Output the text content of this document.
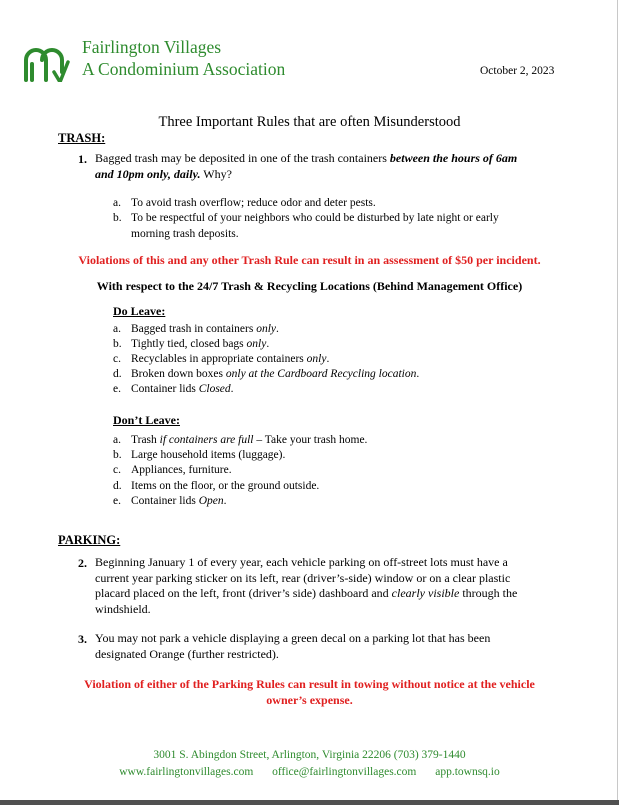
Fairlington Villages
A Condominium Association	October 2, 2023
Three Important Rules that are often Misunderstood
TRASH:
1. Bagged trash may be deposited in one of the trash containers between the hours of 6am
and 10pm only, daily. Why?
a. To avoid trash overflow; reduce odor and deter pests.
b. To be respectful of your neighbors who could be disturbed by late night or early
morning trash deposits.
Violations of this and any other Trash Rule can result in an assessment of $50 per incident.
With respect to the 24/7 Trash & Recycling Locations (Behind Management Office)
Do Leave:
a. Bagged trash in containers only.
b. Tightly tied, closed bags only.
c. Recyclables in appropriate containers only.
d. Broken down boxes only at the Cardboard Recycling location.
e. Container lids Closed.
Don’t Leave:
a. Trash if containers are full – Take your trash home.
b. Large household items (luggage).
c. Appliances, furniture.
d. Items on the floor, or the ground outside.
e. Container lids Open.
PARKING:
2. Beginning January 1 of every year, each vehicle parking on off-street lots must have a
current year parking sticker on its left, rear (driver’s-side) window or on a clear plastic
placard placed on the left, front (driver’s side) dashboard and clearly visible through the
windshield.
3. You may not park a vehicle displaying a green decal on a parking lot that has been
designated Orange (further restricted).
Violation of either of the Parking Rules can result in towing without notice at the vehicle
owner’s expense.
3001 S. Abingdon Street, Arlington, Virginia 22206 (703) 379-1440
www.fairlingtonvillages.com office@fairlingtonvillages.com app.townsq.io
